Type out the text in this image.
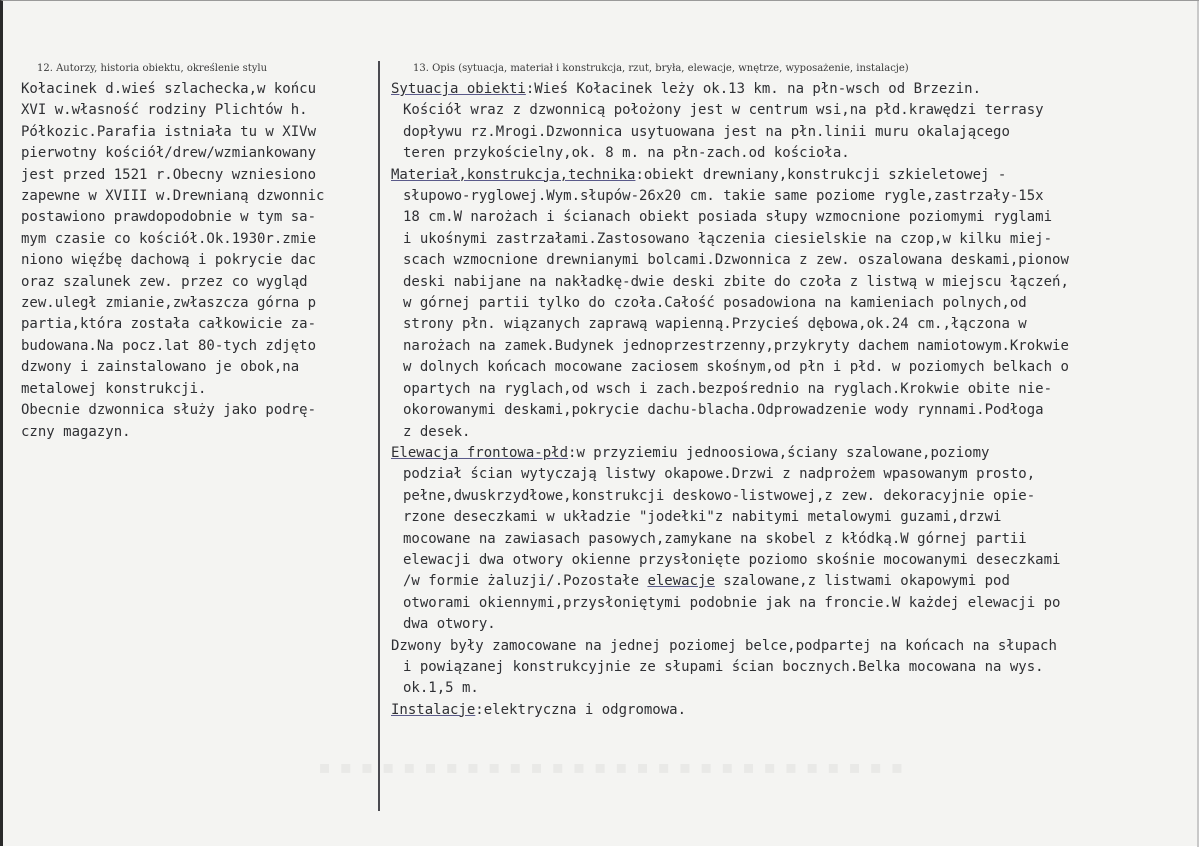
12. Autorzy, historia obiektu, określenie stylu	13. Opis (sytuacja, materiał i konstrukcja, rzut, bryła, elewacje, wnętrze, wyposażenie, instalacje)
Kołacinek d.wieś szlachecka,w końcu
XVI w.własność rodziny Plichtów h.
Półkozic.Parafia istniała tu w XIVw
pierwotny kościół/drew/wzmiankowany
jest przed 1521 r.Obecny wzniesiono
zapewne w XVIII w.Drewnianą dzwonnic
postawiono prawdopodobnie w tym sa-
mym czasie co kościół.Ok.1930r.zmie
niono więźbę dachową i pokrycie dac
oraz szalunek zew. przez co wygląd
zew.uległ zmianie,zwłaszcza górna p
partia,która została całkowicie za-
budowana.Na pocz.lat 80-tych zdjęto
dzwony i zainstalowano je obok,na
metalowej konstrukcji.
Obecnie dzwonnica służy jako podrę-
czny magazyn.
Sytuacja obiekti:Wieś Kołacinek leży ok.13 km. na płn-wsch od Brzezin.
Kościół wraz z dzwonnicą położony jest w centrum wsi,na płd.krawędzi terrasy
dopływu rz.Mrogi.Dzwonnica usytuowana jest na płn.linii muru okalającego
teren przykościelny,ok. 8 m. na płn-zach.od kościoła.
Materiał,konstrukcja,technika:obiekt drewniany,konstrukcji szkieletowej -
słupowo-ryglowej.Wym.słupów-26x20 cm. takie same poziome rygle,zastrzały-15x
18 cm.W narożach i ścianach obiekt posiada słupy wzmocnione poziomymi ryglami
i ukośnymi zastrzałami.Zastosowano łączenia ciesielskie na czop,w kilku miej-
scach wzmocnione drewnianymi bolcami.Dzwonnica z zew. oszalowana deskami,pionow
deski nabijane na nakładkę-dwie deski zbite do czoła z listwą w miejscu łączeń,
w górnej partii tylko do czoła.Całość posadowiona na kamieniach polnych,od
strony płn. wiązanych zaprawą wapienną.Przycieś dębowa,ok.24 cm.,łączona w
narożach na zamek.Budynek jednoprzestrzenny,przykryty dachem namiotowym.Krokwie
w dolnych końcach mocowane zaciosem skośnym,od płn i płd. w poziomych belkach o
opartych na ryglach,od wsch i zach.bezpośrednio na ryglach.Krokwie obite nie-
okorowanymi deskami,pokrycie dachu-blacha.Odprowadzenie wody rynnami.Podłoga
z desek.
Elewacja frontowa-płd:w przyziemiu jednoosiowa,ściany szalowane,poziomy
podział ścian wytyczają listwy okapowe.Drzwi z nadprożem wpasowanym prosto,
pełne,dwuskrzydłowe,konstrukcji deskowo-listwowej,z zew. dekoracyjnie opie-
rzone deseczkami w układzie "jodełki"z nabitymi metalowymi guzami,drzwi
mocowane na zawiasach pasowych,zamykane na skobel z kłódką.W górnej partii
elewacji dwa otwory okienne przysłonięte poziomo skośnie mocowanymi deseczkami
/w formie żaluzji/.Pozostałe elewacje szalowane,z listwami okapowymi pod
otworami okiennymi,przysłoniętymi podobnie jak na froncie.W każdej elewacji po
dwa otwory.
Dzwony były zamocowane na jednej poziomej belce,podpartej na końcach na słupach
i powiązanej konstrukcyjnie ze słupami ścian bocznych.Belka mocowana na wys.
ok.1,5 m.
Instalacje:elektryczna i odgromowa.
▪▪▪▪▪▪▪▪▪▪▪▪▪▪▪▪▪▪▪▪▪▪▪▪▪▪▪▪
